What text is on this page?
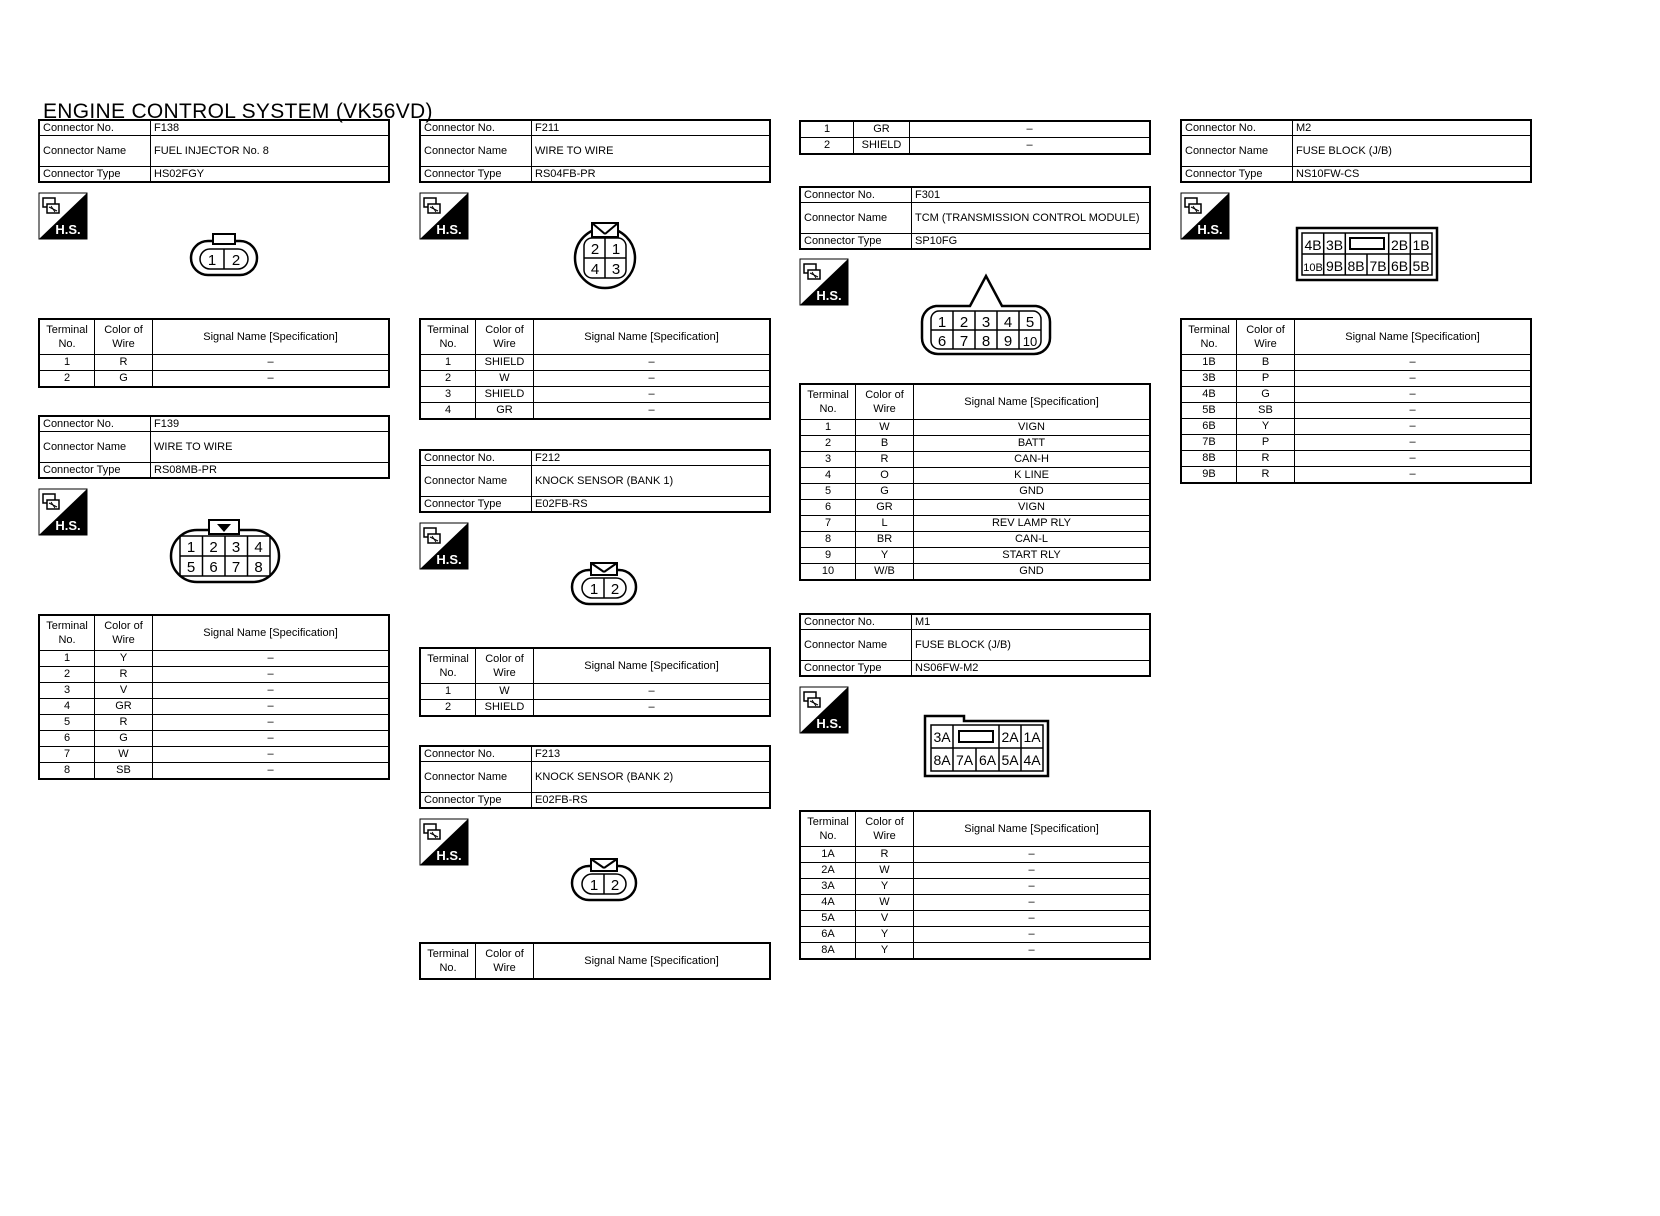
ENGINE CONTROL SYSTEM (VK56VD)
Connector No.	F138
Connector Name	FUEL INJECTOR No. 8
Connector Type	HS02FGY
H.S.
1 2
Terminal No.	Color of Wire	Signal Name [Specification]
1	R	–
2	G	–
Connector No.	F139
Connector Name	WIRE TO WIRE
Connector Type	RS08MB-PR
H.S.
1 2 3 4
5 6 7 8
Terminal No.	Color of Wire	Signal Name [Specification]
1	Y	–
2	R	–
3	V	–
4	GR	–
5	R	–
6	G	–
7	W	–
8	SB	–
Connector No.	F211
Connector Name	WIRE TO WIRE
Connector Type	RS04FB-PR
H.S.
2 1
4 3
Terminal No.	Color of Wire	Signal Name [Specification]
1	SHIELD	–
2	W	–
3	SHIELD	–
4	GR	–
Connector No.	F212
Connector Name	KNOCK SENSOR (BANK 1)
Connector Type	E02FB-RS
H.S.
1 2
Terminal No.	Color of Wire	Signal Name [Specification]
1	W	–
2	SHIELD	–
Connector No.	F213
Connector Name	KNOCK SENSOR (BANK 2)
Connector Type	E02FB-RS
H.S.
1 2
Terminal No.	Color of Wire	Signal Name [Specification]
1	GR	–
2	SHIELD	–
Connector No.	F301
Connector Name	TCM (TRANSMISSION CONTROL MODULE)
Connector Type	SP10FG
H.S.
1 2 3 4 5
6 7 8 9 10
Terminal No.	Color of Wire	Signal Name [Specification]
1	W	VIGN
2	B	BATT
3	R	CAN-H
4	O	K LINE
5	G	GND
6	GR	VIGN
7	L	REV LAMP RLY
8	BR	CAN-L
9	Y	START RLY
10	W/B	GND
Connector No.	M1
Connector Name	FUSE BLOCK (J/B)
Connector Type	NS06FW-M2
H.S.
3A	2A 1A
8A 7A 6A 5A 4A
Terminal No.	Color of Wire	Signal Name [Specification]
1A	R	–
2A	W	–
3A	Y	–
4A	W	–
5A	V	–
6A	Y	–
8A	Y	–
Connector No.	M2
Connector Name	FUSE BLOCK (J/B)
Connector Type	NS10FW-CS
H.S.
4B 3B	2B 1B
10B 9B 8B 7B 6B 5B
Terminal No.	Color of Wire	Signal Name [Specification]
1B	B	–
3B	P	–
4B	G	–
5B	SB	–
6B	Y	–
7B	P	–
8B	R	–
9B	R	–
